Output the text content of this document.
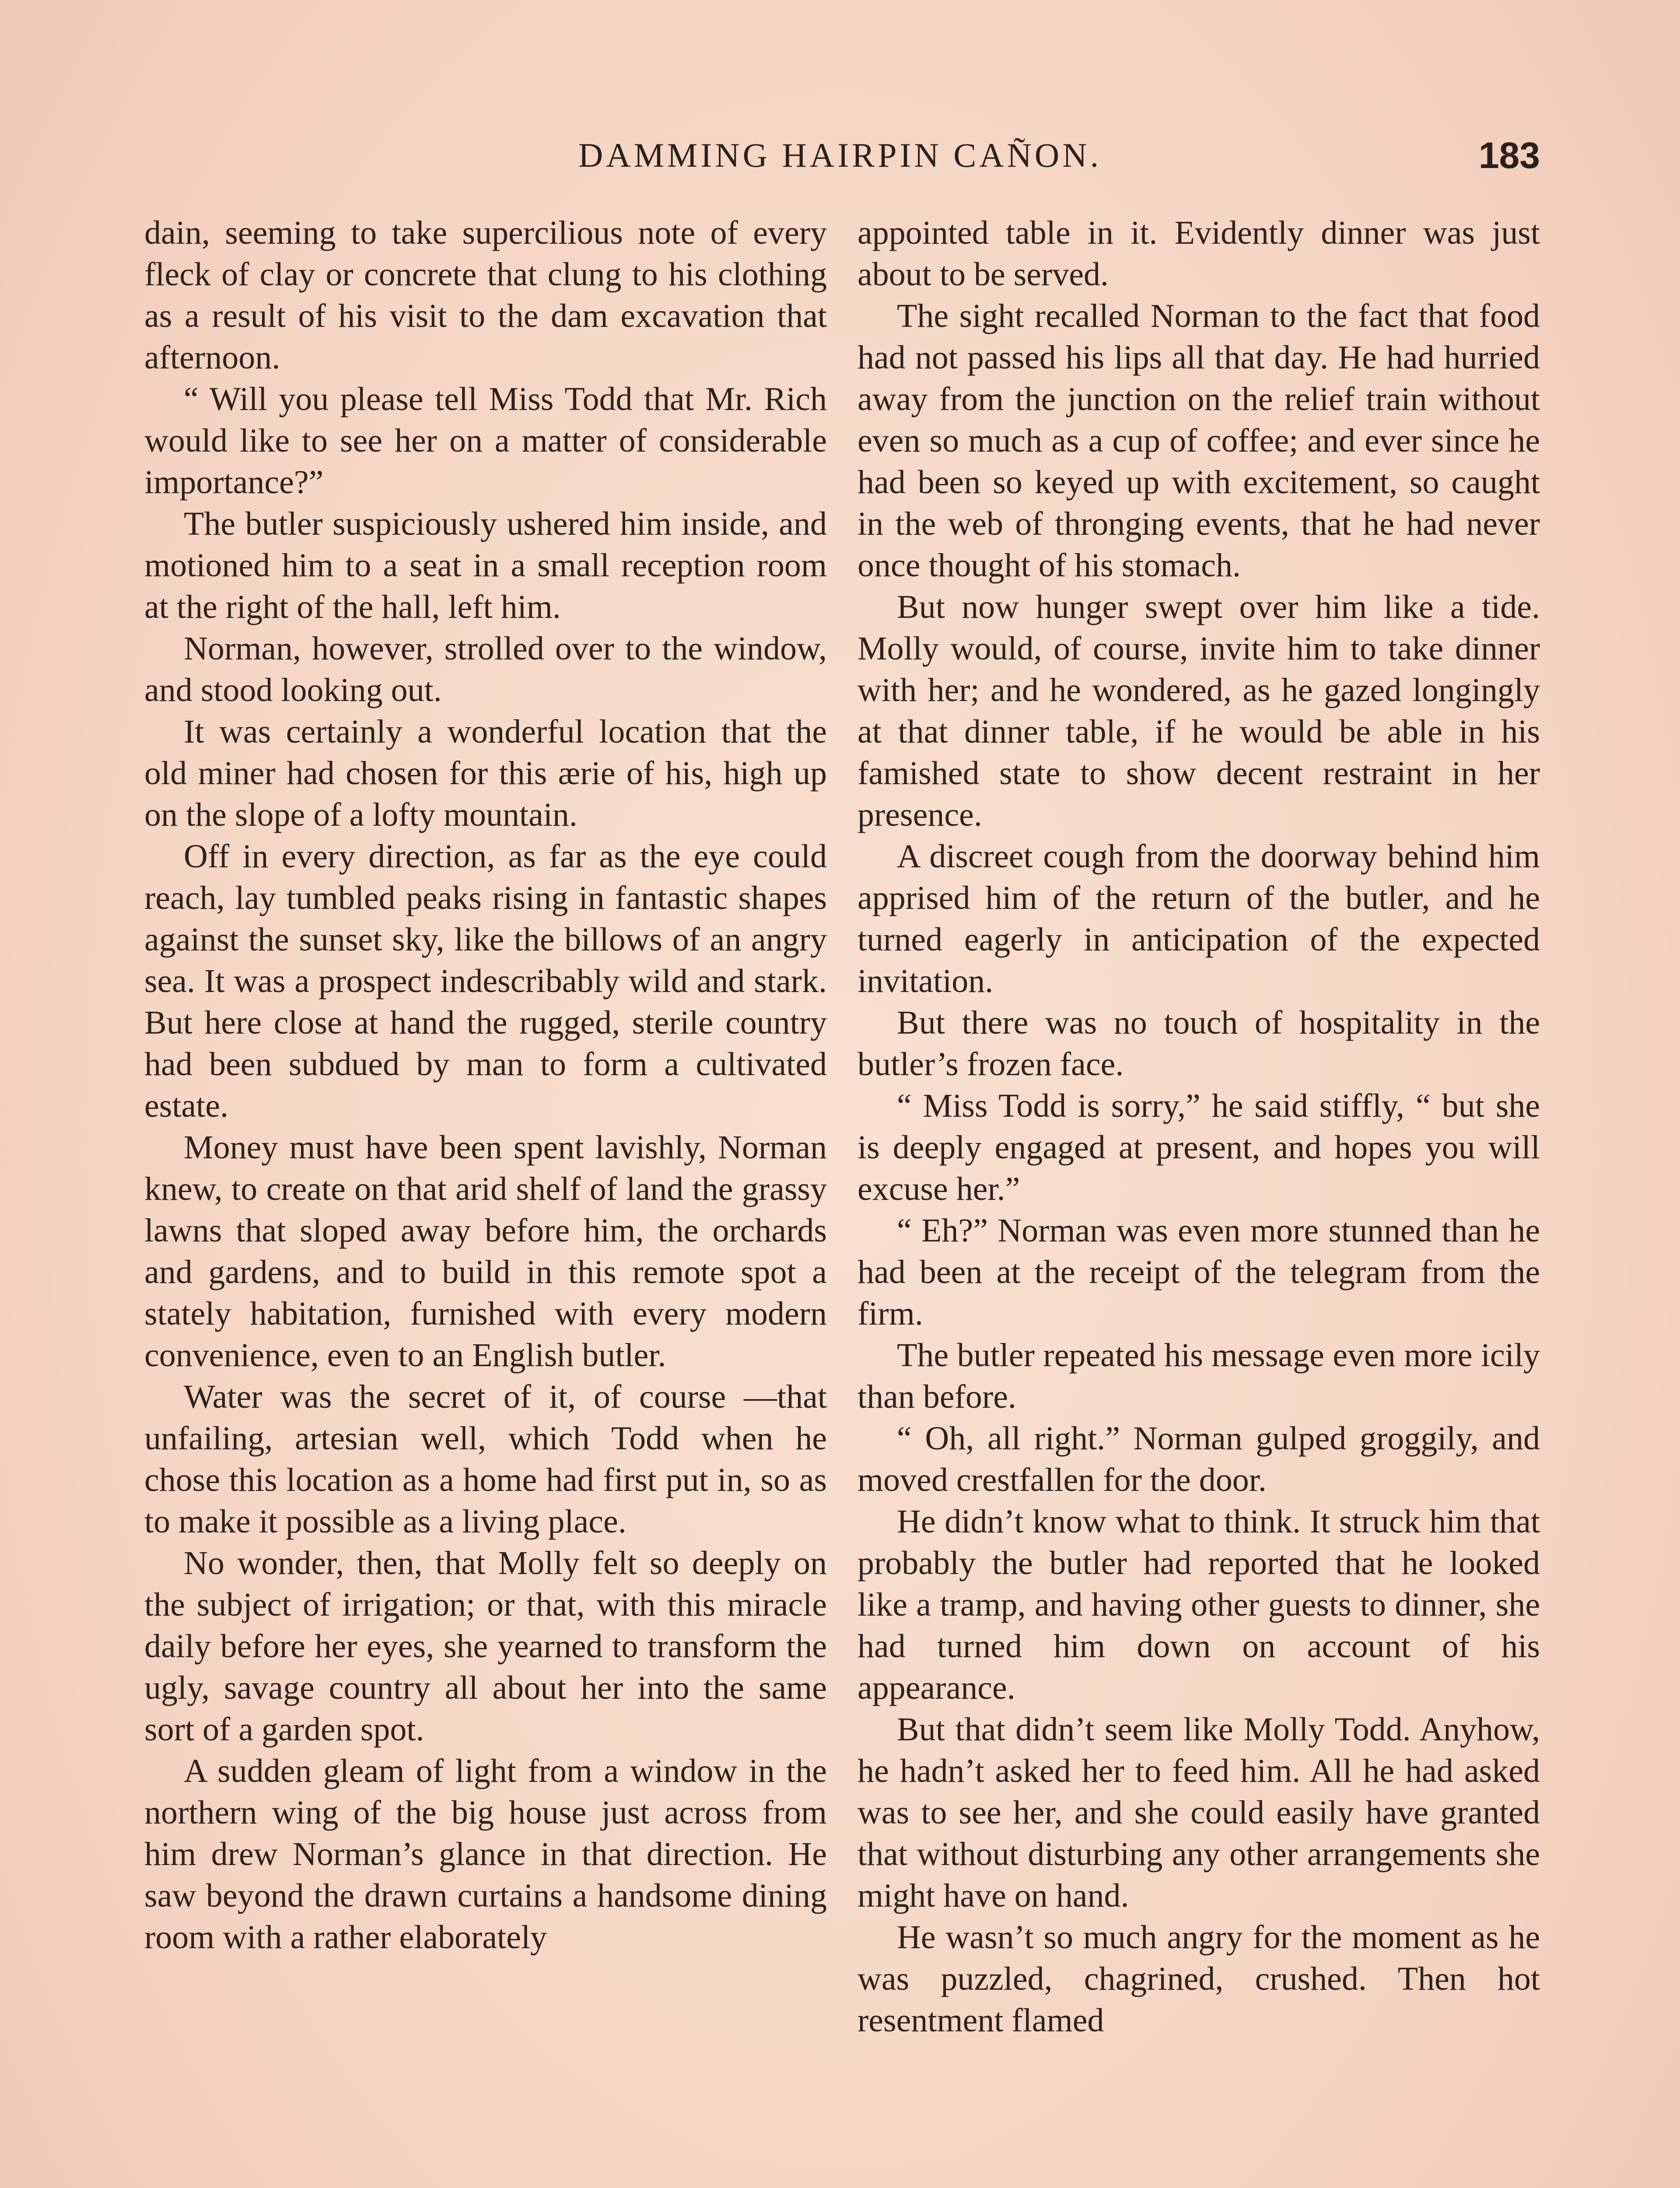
DAMMING HAIRPIN CAÑON.	183

dain, seeming to take supercilious note of every fleck of clay or concrete that clung to his clothing as a result of his visit to the dam excavation that afternoon.

“ Will you please tell Miss Todd that Mr. Rich would like to see her on a matter of considerable importance?”

The butler suspiciously ushered him inside, and motioned him to a seat in a small reception room at the right of the hall, left him.

Norman, however, strolled over to the window, and stood looking out.

It was certainly a wonderful location that the old miner had chosen for this ærie of his, high up on the slope of a lofty mountain.

Off in every direction, as far as the eye could reach, lay tumbled peaks rising in fantastic shapes against the sunset sky, like the billows of an angry sea. It was a prospect indescribably wild and stark. But here close at hand the rugged, sterile country had been subdued by man to form a cultivated estate.

Money must have been spent lavishly, Norman knew, to create on that arid shelf of land the grassy lawns that sloped away before him, the orchards and gardens, and to build in this remote spot a stately habitation, furnished with every modern convenience, even to an English butler.

Water was the secret of it, of course —that unfailing, artesian well, which Todd when he chose this location as a home had first put in, so as to make it possible as a living place.

No wonder, then, that Molly felt so deeply on the subject of irrigation; or that, with this miracle daily before her eyes, she yearned to transform the ugly, savage country all about her into the same sort of a garden spot.

A sudden gleam of light from a window in the northern wing of the big house just across from him drew Norman’s glance in that direction. He saw beyond the drawn curtains a handsome dining room with a rather elaborately

appointed table in it. Evidently dinner was just about to be served.

The sight recalled Norman to the fact that food had not passed his lips all that day. He had hurried away from the junction on the relief train without even so much as a cup of coffee; and ever since he had been so keyed up with excitement, so caught in the web of thronging events, that he had never once thought of his stomach.

But now hunger swept over him like a tide. Molly would, of course, invite him to take dinner with her; and he wondered, as he gazed longingly at that dinner table, if he would be able in his famished state to show decent restraint in her presence.

A discreet cough from the doorway behind him apprised him of the return of the butler, and he turned eagerly in anticipation of the expected invitation.

But there was no touch of hospitality in the butler’s frozen face.

“ Miss Todd is sorry,” he said stiffly, “ but she is deeply engaged at present, and hopes you will excuse her.”

“ Eh?” Norman was even more stunned than he had been at the receipt of the telegram from the firm.

The butler repeated his message even more icily than before.

“ Oh, all right.” Norman gulped groggily, and moved crestfallen for the door.

He didn’t know what to think. It struck him that probably the butler had reported that he looked like a tramp, and having other guests to dinner, she had turned him down on account of his appearance.

But that didn’t seem like Molly Todd. Anyhow, he hadn’t asked her to feed him. All he had asked was to see her, and she could easily have granted that without disturbing any other arrangements she might have on hand.

He wasn’t so much angry for the moment as he was puzzled, chagrined, crushed. Then hot resentment flamed
